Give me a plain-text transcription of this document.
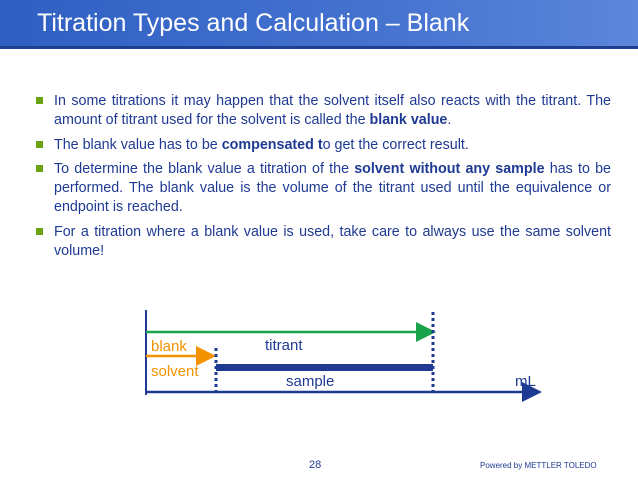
Titration Types and Calculation – Blank
In some titrations it may happen that the solvent itself also reacts with the titrant. The amount of titrant used for the solvent is called the blank value.
The blank value has to be compensated to get the correct result.
To determine the blank value a titration of the solvent without any sample has to be performed. The blank value is the volume of the titrant used until the equivalence or endpoint is reached.
For a titration where a blank value is used, take care to always use the same solvent volume!
blank
solvent
titrant
sample	mL
28	Powered by METTLER TOLEDO
